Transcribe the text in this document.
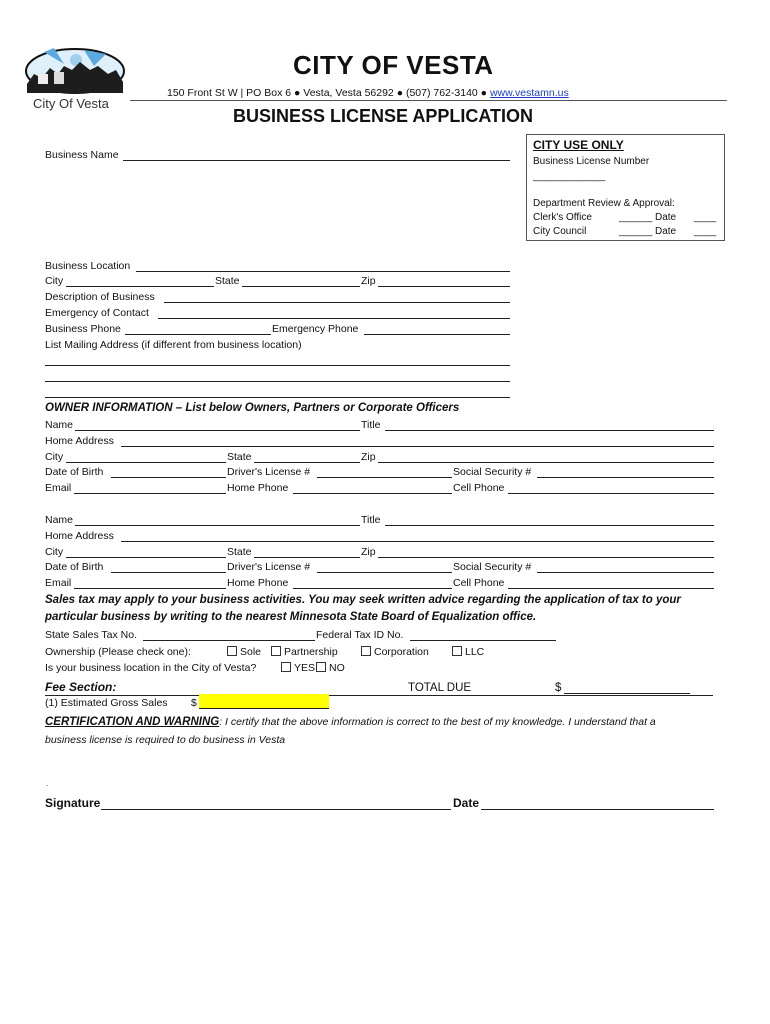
City Of Vesta
CITY OF VESTA
150 Front St W | PO Box 6 ● Vesta, Vesta 56292 ● (507) 762-3140 ● www.vestamn.us
BUSINESS LICENSE APPLICATION
CITY USE ONLY
Business License Number
_____________
Department Review & Approval:
Clerk's Office	______ Date ____
City Council	______ Date ____
Business Name
Business Location
City	State	Zip
Description of Business
Emergency of Contact
Business Phone	Emergency Phone
List Mailing Address (if different from business location)
OWNER INFORMATION – List below Owners, Partners or Corporate Officers
Name	Title
Home Address
City	State	Zip
Date of Birth	Driver's License #	Social Security #
Email	Home Phone	Cell Phone
Name	Title
Home Address
City	State	Zip
Date of Birth	Driver's License #	Social Security #
Email	Home Phone	Cell Phone
Sales tax may apply to your business activities. You may seek written advice regarding the application of tax to your
particular business by writing to the nearest Minnesota State Board of Equalization office.
State Sales Tax No.	Federal Tax ID No.
Ownership (Please check one):	Sole	Partnership	Corporation	LLC
Is your business location in the City of Vesta?	YES	NO
Fee Section:	TOTAL DUE	$
(1) Estimated Gross Sales $
CERTIFICATION AND WARNING: I certify that the above information is correct to the best of my knowledge. I understand that a
business license is required to do business in Vesta
.
Signature	Date
